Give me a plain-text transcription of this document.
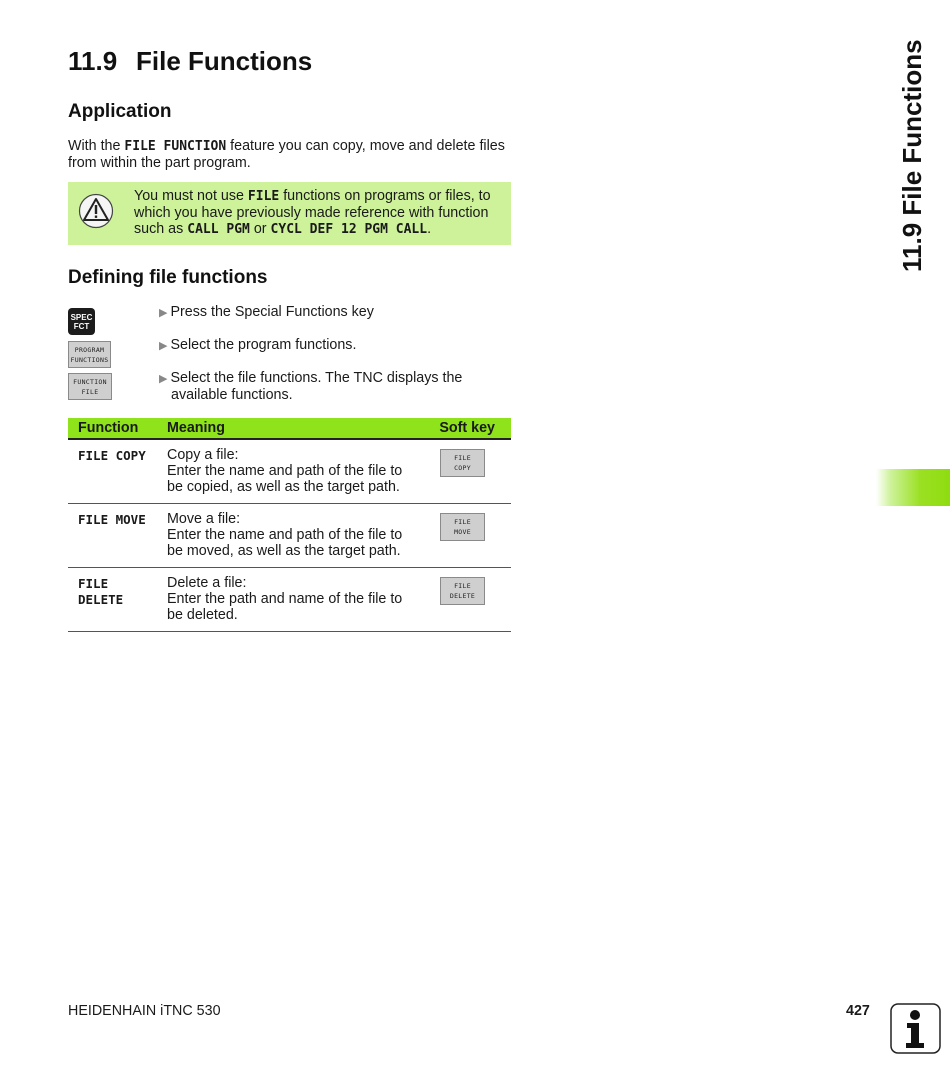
11.9 File Functions	11.9 File Functions
Application

With the FILE FUNCTION feature you can copy, move and delete files from within the part program.

You must not use FILE functions on programs or files, to which you have previously made reference with function such as CALL PGM or CYCL DEF 12 PGM CALL.

Defining file functions
SPEC
FCT
PROGRAM
FUNCTIONS
FUNCTION
FILE

▶ Press the Special Functions key

▶ Select the program functions.

▶ Select the file functions. The TNC displays the
available functions.

Function	Meaning	Soft key
FILE COPY	Copy a file:
Enter the name and path of the file to be copied, as well as the target path.	FILE
COPY

FILE MOVE	Move a file:
Enter the name and path of the file to be moved, as well as the target path.	FILE
MOVE

FILE DELETE	Delete a file:
Enter the path and name of the file to be deleted.	FILE
DELETE

HEIDENHAIN iTNC 530	427
